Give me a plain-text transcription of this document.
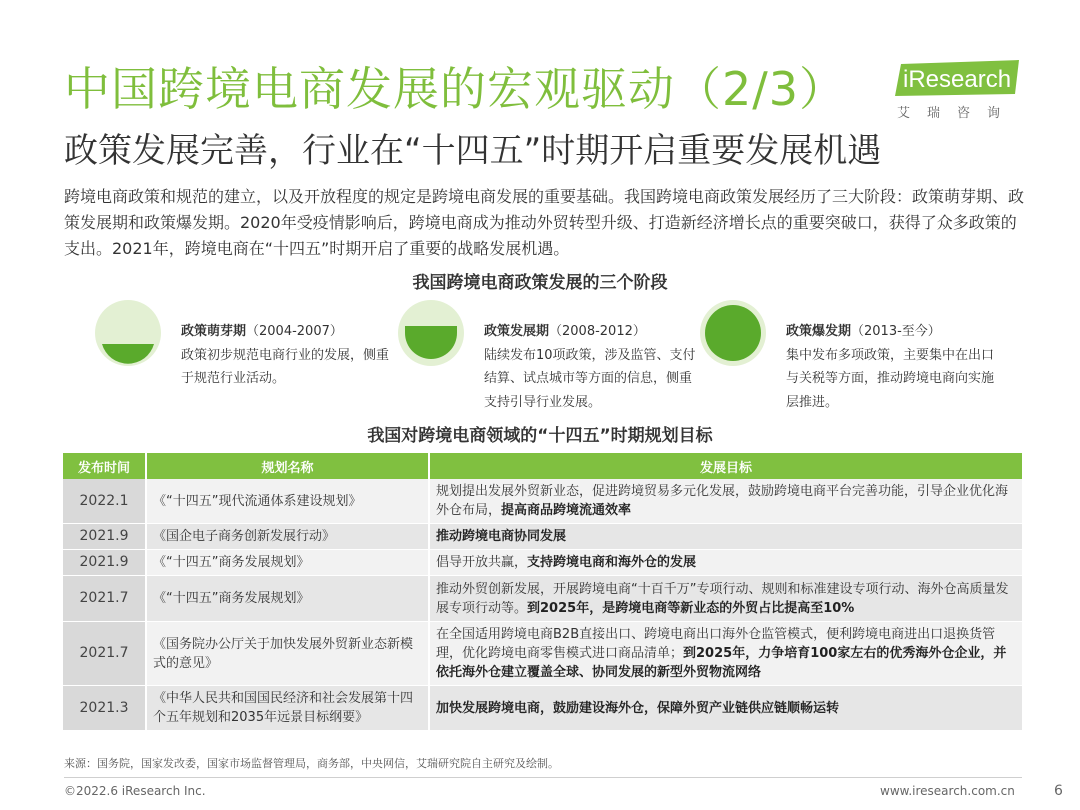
中国跨境电商发展的宏观驱动（2/3）
政策发展完善，行业在“十四五”时期开启重要发展机遇
iResearch
艾瑞咨询
跨境电商政策和规范的建立，以及开放程度的规定是跨境电商发展的重要基础。我国跨境电商政策发展经历了三大阶段：政策萌芽期、政策发展期和政策爆发期。2020年受疫情影响后，跨境电商成为推动外贸转型升级、打造新经济增长点的重要突破口，获得了众多政策的支出。2021年，跨境电商在“十四五”时期开启了重要的战略发展机遇。
我国跨境电商政策发展的三个阶段
政策萌芽期（2004-2007）
政策初步规范电商行业的发展，侧重于规范行业活动。
政策发展期（2008-2012）
陆续发布10项政策，涉及监管、支付结算、试点城市等方面的信息，侧重支持引导行业发展。
政策爆发期（2013-至今）
集中发布多项政策，主要集中在出口与关税等方面，推动跨境电商向实施层推进。
我国对跨境电商领域的“十四五”时期规划目标
发布时间	规划名称	发展目标
2022.1	《“十四五”现代流通体系建设规划》	规划提出发展外贸新业态，促进跨境贸易多元化发展，鼓励跨境电商平台完善功能，引导企业优化海外仓布局，提高商品跨境流通效率
2021.9	《国企电子商务创新发展行动》	推动跨境电商协同发展
2021.9	《“十四五”商务发展规划》	倡导开放共赢，支持跨境电商和海外仓的发展
2021.7	《“十四五”商务发展规划》	推动外贸创新发展，开展跨境电商“十百千万”专项行动、规则和标准建设专项行动、海外仓高质量发展专项行动等。到2025年，是跨境电商等新业态的外贸占比提高至10%
2021.7	《国务院办公厅关于加快发展外贸新业态新模式的意见》	在全国适用跨境电商B2B直接出口、跨境电商出口海外仓监管模式，便利跨境电商进出口退换货管理，优化跨境电商零售模式进口商品清单；到2025年，力争培育100家左右的优秀海外仓企业，并依托海外仓建立覆盖全球、协同发展的新型外贸物流网络
2021.3	《中华人民共和国国民经济和社会发展第十四个五年规划和2035年远景目标纲要》	加快发展跨境电商，鼓励建设海外仓，保障外贸产业链供应链顺畅运转
来源：国务院，国家发改委，国家市场监督管理局，商务部，中央网信，艾瑞研究院自主研究及绘制。
©2022.6 iResearch Inc.	www.iresearch.com.cn	6
